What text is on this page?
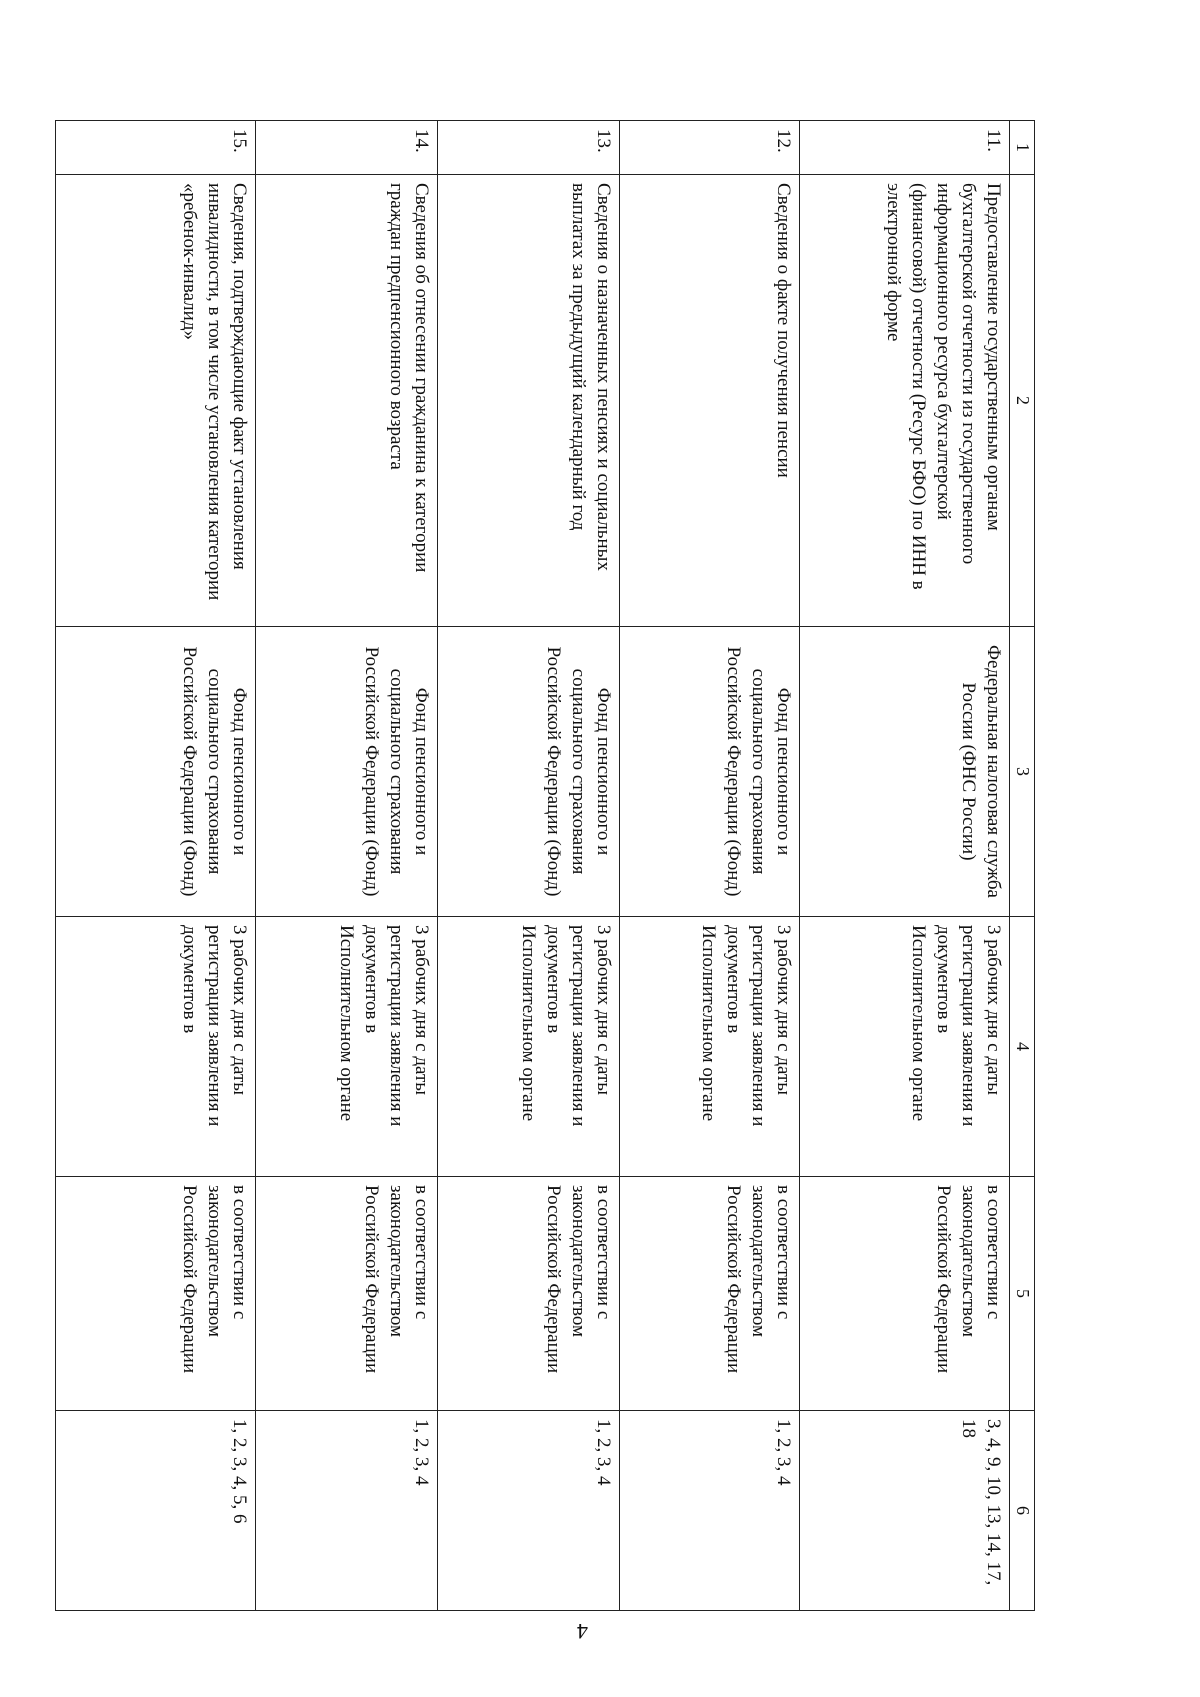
1	2	3	4	5	6
11.	Предоставление государственным органам бухгалтерской отчетности из государственного информационного ресурса бухгалтерской (финансовой) отчетности (Ресурс БФО) по ИНН в электронной форме	Федеральная налоговая служба России (ФНС России)	3 рабочих дня с даты регистрации заявления и документов в Исполнительном органе	в соответствии с законодательством Российской Федерации	3, 4, 9, 10, 13, 14, 17, 18
12.	Сведения о факте получения пенсии	Фонд пенсионного и социального страхования Российской Федерации (Фонд)	3 рабочих дня с даты регистрации заявления и документов в Исполнительном органе	в соответствии с законодательством Российской Федерации	1, 2, 3, 4
13.	Сведения о назначенных пенсиях и социальных выплатах за предыдущий календарный год	Фонд пенсионного и социального страхования Российской Федерации (Фонд)	3 рабочих дня с даты регистрации заявления и документов в Исполнительном органе	в соответствии с законодательством Российской Федерации	1, 2, 3, 4
14.	Сведения об отнесении гражданина к категории граждан предпенсионного возраста	Фонд пенсионного и социального страхования Российской Федерации (Фонд)	3 рабочих дня с даты регистрации заявления и документов в Исполнительном органе	в соответствии с законодательством Российской Федерации	1, 2, 3, 4
15.	Сведения, подтверждающие факт установления инвалидности, в том числе установления категории «ребенок-инвалид»	Фонд пенсионного и социального страхования Российской Федерации (Фонд)	3 рабочих дня с даты регистрации заявления и документов в	в соответствии с законодательством Российской Федерации	1, 2, 3, 4, 5, 6
4
